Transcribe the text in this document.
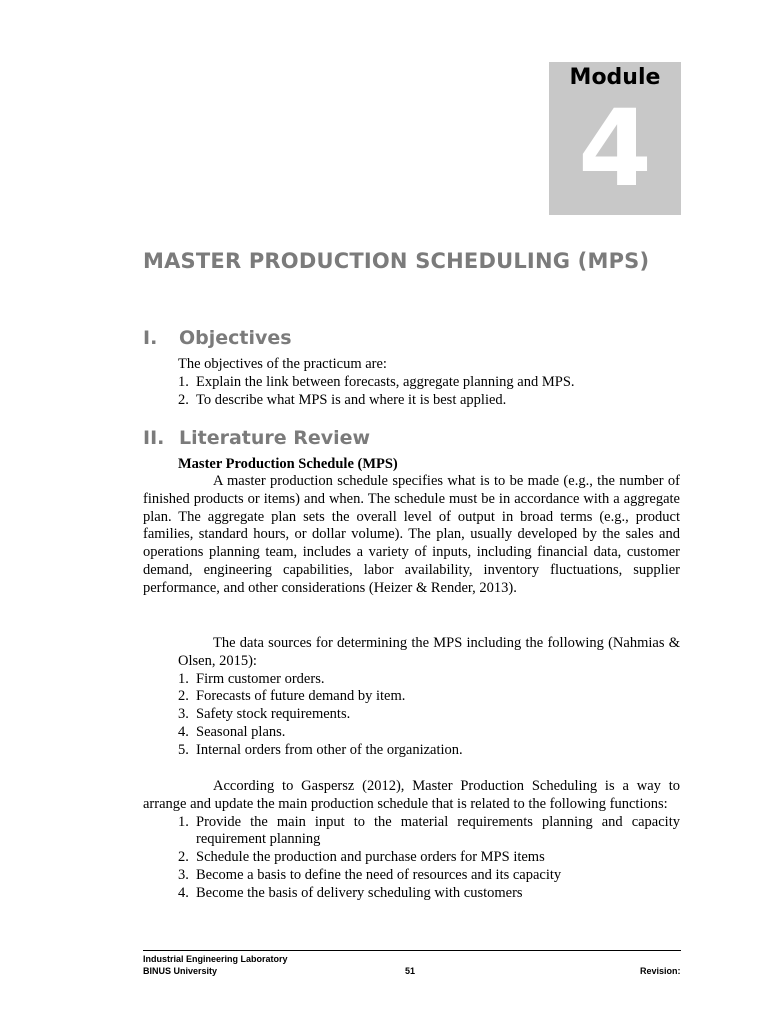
Module
4
MASTER PRODUCTION SCHEDULING (MPS)
I. Objectives

The objectives of the practicum are:

1. Explain the link between forecasts, aggregate planning and MPS.
2. To describe what MPS is and where it is best applied.
II. Literature Review

Master Production Schedule (MPS)

A master production schedule specifies what is to be made (e.g., the number of finished products or items) and when. The schedule must be in accordance with a aggregate plan. The aggregate plan sets the overall level of output in broad terms (e.g., product families, standard hours, or dollar volume). The plan, usually developed by the sales and operations planning team, includes a variety of inputs, including financial data, customer demand, engineering capabilities, labor availability, inventory fluctuations, supplier performance, and other considerations (Heizer & Render, 2013).

The data sources for determining the MPS including the following (Nahmias & Olsen, 2015):

1. Firm customer orders.
2. Forecasts of future demand by item.
3. Safety stock requirements.
4. Seasonal plans.
5. Internal orders from other of the organization.

According to Gaspersz (2012), Master Production Scheduling is a way to arrange and update the main production schedule that is related to the following functions:

1. Provide the main input to the material requirements planning and capacity requirement planning
2. Schedule the production and purchase orders for MPS items
3. Become a basis to define the need of resources and its capacity
4. Become the basis of delivery scheduling with customers
Industrial Engineering Laboratory
BINUS University	51	Revision:
